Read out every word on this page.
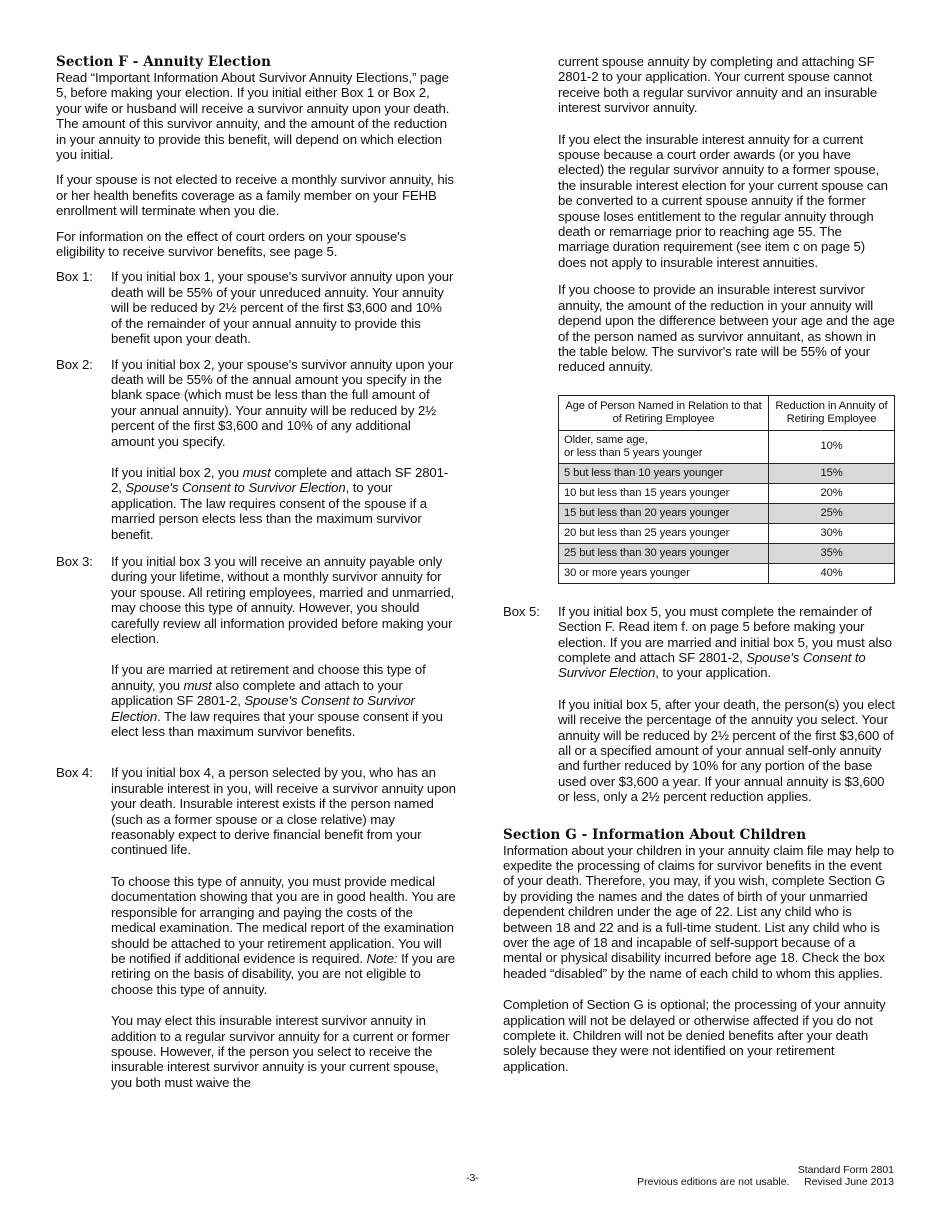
Section F - Annuity Election

Read “Important Information About Survivor Annuity Elections,” page 5, before making your election. If you initial either Box 1 or Box 2, your wife or husband will receive a survivor annuity upon your death. The amount of this survivor annuity, and the amount of the reduction in your annuity to provide this benefit, will depend on which election you initial.

If your spouse is not elected to receive a monthly survivor annuity, his or her health benefits coverage as a family member on your FEHB enrollment will terminate when you die.

For information on the effect of court orders on your spouse's eligibility to receive survivor benefits, see page 5.

Box 1:	If you initial box 1, your spouse's survivor annuity upon your death will be 55% of your unreduced annuity. Your annuity will be reduced by 2½ percent of the first $3,600 and 10% of the remainder of your annual annuity to provide this benefit upon your death.
Box 2:	If you initial box 2, your spouse's survivor annuity upon your death will be 55% of the annual amount you specify in the blank space (which must be less than the full amount of your annual annuity). Your annuity will be reduced by 2½ percent of the first $3,600 and 10% of any additional amount you specify.

If you initial box 2, you must complete and attach SF 2801-2, Spouse's Consent to Survivor Election, to your application. The law requires consent of the spouse if a married person elects less than the maximum survivor benefit.

Box 3:	If you initial box 3 you will receive an annuity payable only during your lifetime, without a monthly survivor annuity for your spouse. All retiring employees, married and unmarried, may choose this type of annuity. However, you should carefully review all information provided before making your election.

If you are married at retirement and choose this type of annuity, you must also complete and attach to your application SF 2801-2, Spouse's Consent to Survivor Election. The law requires that your spouse consent if you elect less than maximum survivor benefits.

Box 4:	If you initial box 4, a person selected by you, who has an insurable interest in you, will receive a survivor annuity upon your death. Insurable interest exists if the person named (such as a former spouse or a close relative) may reasonably expect to derive financial benefit from your continued life.

To choose this type of annuity, you must provide medical documentation showing that you are in good health. You are responsible for arranging and paying the costs of the medical examination. The medical report of the examination should be attached to your retirement application. You will be notified if additional evidence is required. Note: If you are retiring on the basis of disability, you are not eligible to choose this type of annuity.

You may elect this insurable interest survivor annuity in addition to a regular survivor annuity for a current or former spouse. However, if the person you select to receive the insurable interest survivor annuity is your current spouse, you both must waive the

current spouse annuity by completing and attaching SF 2801-2 to your application. Your current spouse cannot receive both a regular survivor annuity and an insurable interest survivor annuity.

If you elect the insurable interest annuity for a current spouse because a court order awards (or you have elected) the regular survivor annuity to a former spouse, the insurable interest election for your current spouse can be converted to a current spouse annuity if the former spouse loses entitlement to the regular annuity through death or remarriage prior to reaching age 55. The marriage duration requirement (see item c on page 5) does not apply to insurable interest annuities.

If you choose to provide an insurable interest survivor annuity, the amount of the reduction in your annuity will depend upon the difference between your age and the age of the person named as survivor annuitant, as shown in the table below. The survivor's rate will be 55% of your reduced annuity.

Age of Person Named in Relation to that of Retiring Employee	Reduction in Annuity of Retiring Employee
Older, same age,
or less than 5 years younger	10%
5 but less than 10 years younger	15%
10 but less than 15 years younger	20%
15 but less than 20 years younger	25%
20 but less than 25 years younger	30%
25 but less than 30 years younger	35%
30 or more years younger	40%
Box 5:	If you initial box 5, you must complete the remainder of Section F. Read item f. on page 5 before making your election. If you are married and initial box 5, you must also complete and attach SF 2801-2, Spouse's Consent to Survivor Election, to your application.

If you initial box 5, after your death, the person(s) you elect will receive the percentage of the annuity you select. Your annuity will be reduced by 2½ percent of the first $3,600 of all or a specified amount of your annual self-only annuity and further reduced by 10% for any portion of the base used over $3,600 a year. If your annual annuity is $3,600 or less, only a 2½ percent reduction applies.

Section G - Information About Children

Information about your children in your annuity claim file may help to expedite the processing of claims for survivor benefits in the event of your death. Therefore, you may, if you wish, complete Section G by providing the names and the dates of birth of your unmarried dependent children under the age of 22. List any child who is between 18 and 22 and is a full-time student. List any child who is over the age of 18 and incapable of self-support because of a mental or physical disability incurred before age 18. Check the box headed “disabled” by the name of each child to whom this applies.

Completion of Section G is optional; the processing of your annuity application will not be delayed or otherwise affected if you do not complete it. Children will not be denied benefits after your death solely because they were not identified on your retirement application.

-3-
Standard Form 2801
Previous editions are not usable. Revised June 2013
